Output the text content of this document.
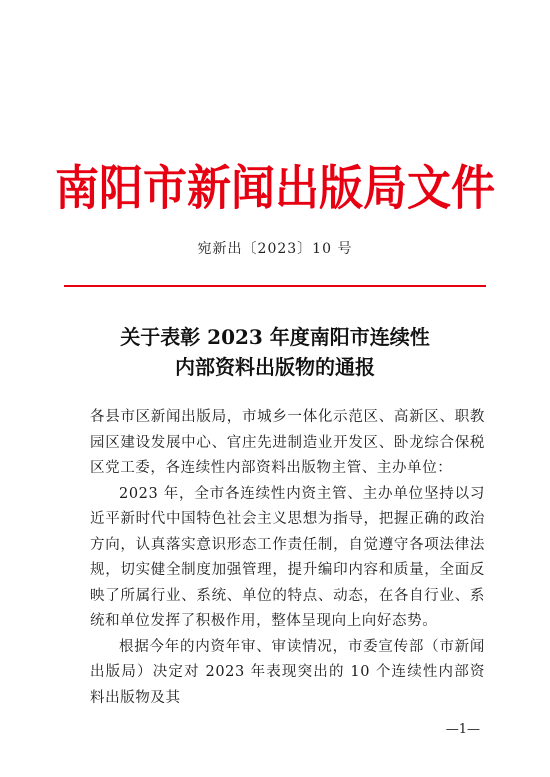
南阳市新闻出版局文件
宛新出〔2023〕10 号
关于表彰 2023 年度南阳市连续性
内部资料出版物的通报

各县市区新闻出版局，市城乡一体化示范区、高新区、职教园区建设发展中心、官庄先进制造业开发区、卧龙综合保税区党工委，各连续性内部资料出版物主管、主办单位：

2023 年，全市各连续性内资主管、主办单位坚持以习近平新时代中国特色社会主义思想为指导，把握正确的政治方向，认真落实意识形态工作责任制，自觉遵守各项法律法规，切实健全制度加强管理，提升编印内容和质量，全面反映了所属行业、系统、单位的特点、动态，在各自行业、系统和单位发挥了积极作用，整体呈现向上向好态势。

根据今年的内资年审、审读情况，市委宣传部（市新闻出版局）决定对 2023 年表现突出的 10 个连续性内部资料出版物及其

—1—
